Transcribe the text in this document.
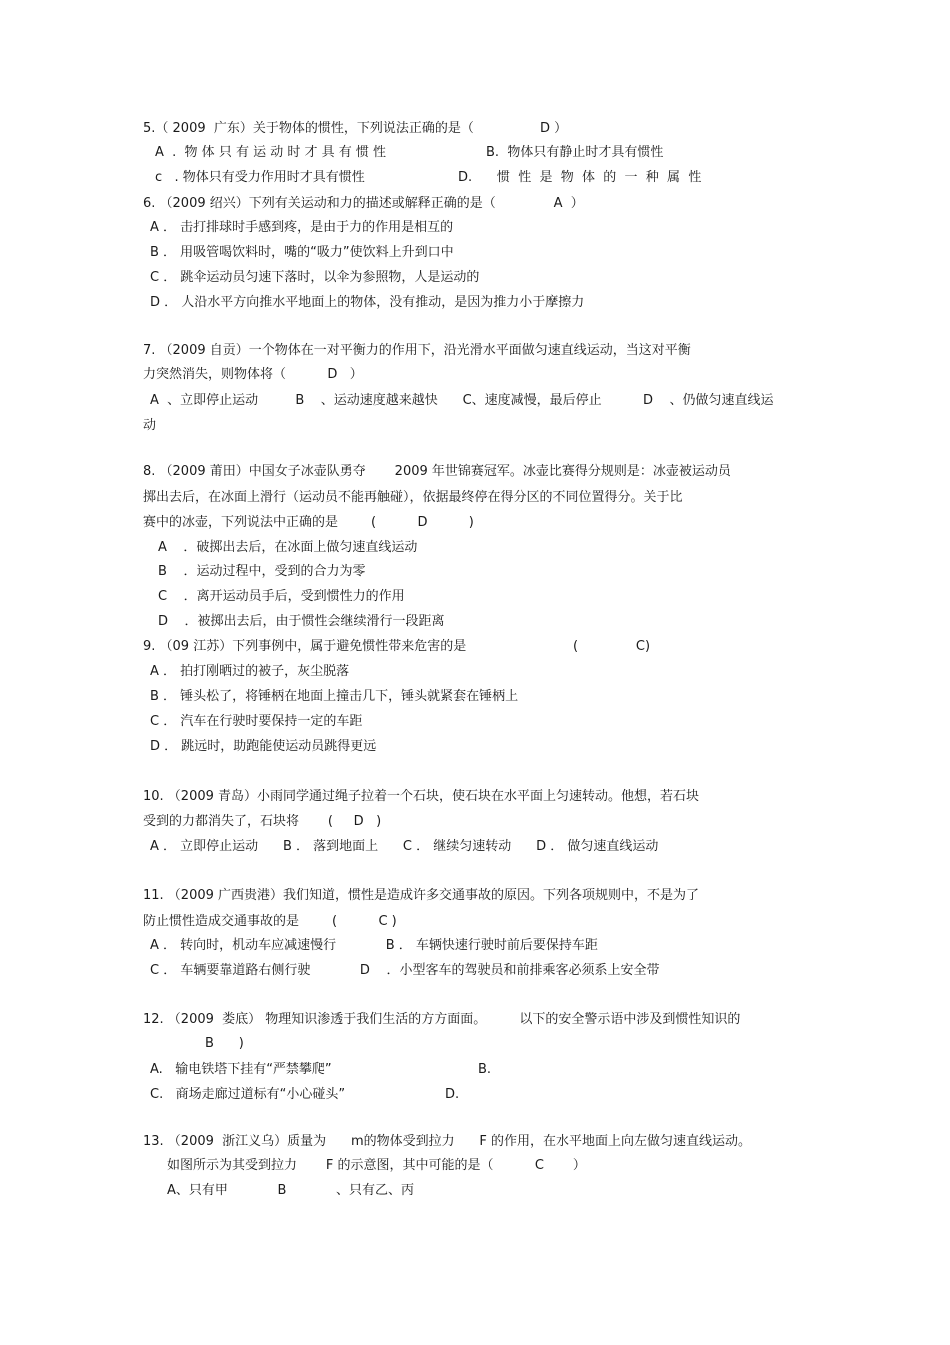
5.（ 2009  广东）关于物体的惯性，下列说法正确的是（                D ）
A  .  物 体 只 有 运 动 时 才 具 有 惯 性	B.  物体只有静止时才具有惯性
c   . 物体只有受力作用时才具有惯性	D.      惯  性  是  物  体  的  一  种  属  性
6. （2009 绍兴）下列有关运动和力的描述或解释正确的是（              A  ）
A ． 击打排球时手感到疼，是由于力的作用是相互的
B ． 用吸管喝饮料时，嘴的“吸力”使饮料上升到口中
C ． 跳伞运动员匀速下落时，以伞为参照物，人是运动的
D ． 人沿水平方向推水平地面上的物体，没有推动，是因为推力小于摩擦力
7. （2009 自贡）一个物体在一对平衡力的作用下，沿光滑水平面做匀速直线运动，当这对平衡
力突然消失，则物体将（          D   ）
A  、立即停止运动         B    、运动速度越来越快      C、速度减慢，最后停止          D    、仍做匀速直线运
动
8. （2009 莆田）中国女子冰壶队勇夺       2009 年世锦赛冠军。冰壶比赛得分规则是：冰壶被运动员
掷出去后，在冰面上滑行（运动员不能再触碰），依据最终停在得分区的不同位置得分。关于比
赛中的冰壶，下列说法中正确的是        (          D          )
A    ．破掷出去后，在冰面上做匀速直线运动
B    ．运动过程中，受到的合力为零
C    ．离开运动员手后，受到惯性力的作用
D    ．被掷出去后，由于惯性会继续滑行一段距离
9. （09 江苏）下列事例中，属于避免惯性带来危害的是	(              C)
A ． 拍打刚晒过的被子，灰尘脱落
B ． 锤头松了，将锤柄在地面上撞击几下，锤头就紧套在锤柄上
C ． 汽车在行驶时要保持一定的车距
D ． 跳远时，助跑能使运动员跳得更远
10. （2009 青岛）小雨同学通过绳子拉着一个石块，使石块在水平面上匀速转动。他想，若石块
受到的力都消失了，石块将       (     D   )
A ． 立即停止运动      B ． 落到地面上      C ． 继续匀速转动      D ． 做匀速直线运动
11. （2009 广西贵港）我们知道，惯性是造成许多交通事故的原因。下列各项规则中，不是为了
防止惯性造成交通事故的是        (          C )
A ． 转向时，机动车应减速慢行            B ． 车辆快速行驶时前后要保持车距
C ． 车辆要靠道路右侧行驶            D    ．小型客车的驾驶员和前排乘客必须系上安全带
12. （2009  娄底） 物理知识渗透于我们生活的方方面面。        以下的安全警示语中涉及到惯性知识的
B      )
A.   输电铁塔下挂有“严禁攀爬”	B.
C.   商场走廊过道标有“小心碰头”	D.
13. （2009  浙江义乌）质量为      m的物体受到拉力      F 的作用，在水平地面上向左做匀速直线运动。
如图所示为其受到拉力       F 的示意图，其中可能的是（          C       ）
A、只有甲            B            、只有乙、丙
